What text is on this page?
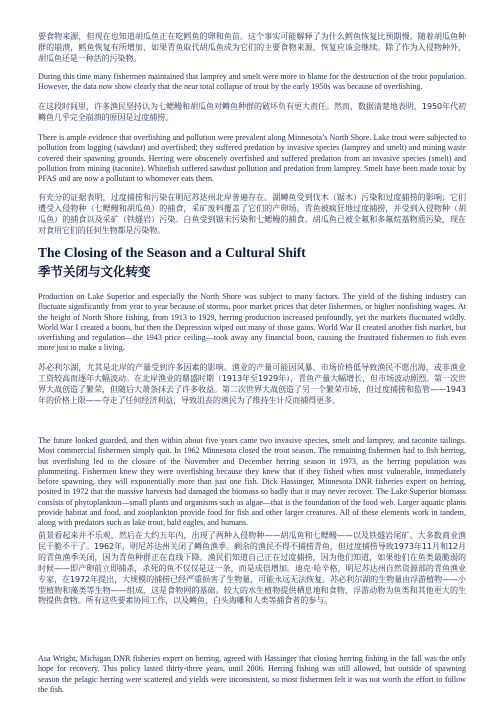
要食物来源，但现在也知道胡瓜鱼正在吃鳕鱼的卵和鱼苗。这个事实可能解释了为什么鳕鱼恢复比预期慢。随着胡瓜鱼种群的崩溃，鳕鱼恢复有所增加，如果青鱼取代胡瓜鱼成为它们的主要食物来源，恢复应该会继续。除了作为入侵物种外，胡瓜鱼还是一种活的污染物。

During this time many fishermen maintained that lamprey and smelt were more to blame for the destruction of the trout population. However, the data now show clearly that the near total collapse of trout by the early 1950s was because of overfishing.

在这段时间里，许多渔民坚持认为七鳃鳗和胡瓜鱼对鳟鱼种群的破坏负有更大责任。然而，数据清楚地表明，1950年代初鳟鱼几乎完全崩溃的原因是过度捕捞。

There is ample evidence that overfishing and pollution were prevalent along Minnesota’s North Shore. Lake trout were subjected to pollution from logging (sawdust) and overfished; they suffered predation by invasive species (lamprey and smelt) and mining waste covered their spawning grounds. Herring were obscenely overfished and suffered predation from an invasive species (smelt) and pollution from mining (taconite). Whitefish suffered sawdust pollution and predation from lamprey. Smelt have been made toxic by PFAS and are now a pollutant to whomever eats them.

有充分的证据表明，过度捕捞和污染在明尼苏达州北岸普遍存在。湖鳟鱼受到伐木（锯木）污染和过度捕捞的影响；它们遭受入侵物种（七鳃鳗和胡瓜鱼）的捕食，采矿废料覆盖了它们的产卵场。青鱼被疯狂地过度捕捞，并受到入侵物种（胡瓜鱼）的捕食以及采矿（铁燧岩）污染。白鱼受到锯末污染和七鳃鳗的捕食。胡瓜鱼已被全氟和多氟烷基物质污染，现在对食用它们的任何生物都是污染物。

The Closing of the Season and a Cultural Shift
季节关闭与文化转变

Production on Lake Superior and especially the North Shore was subject to many factors. The yield of the fishing industry can fluctuate significantly from year to year because of storms, poor market prices that deter fishermen, or higher nonfishing wages. At the height of North Shore fishing, from 1913 to 1929, herring production increased profoundly, yet the markets fluctuated wildly. World War I created a boom, but then the Depression wiped out many of those gains. World War II created another fish market, but overfishing and regulation—the 1943 price ceiling—took away any financial boon, causing the frustrated fishermen to fish even more just to make a living.

苏必利尔湖，尤其是北岸的产量受到许多因素的影响。渔业的产量可能因风暴、市场价格低导致渔民不愿出海，或非渔业工资较高而逐年大幅波动。在北岸渔业的鼎盛时期（1913年至1929年），青鱼产量大幅增长，但市场波动剧烈。第一次世界大战创造了繁荣，但随后大萧条抹去了许多收益。第二次世界大战创造了另一个繁荣市场，但过度捕捞和监管——1943年的价格上限——夺走了任何经济利益，导致沮丧的渔民为了维持生计反而捕得更多。

The future looked guarded, and then within about five years came two invasive species, smelt and lamprey, and taconite tailings. Most commercial fishermen simply quit. In 1962 Minnesota closed the trout season. The remaining fishermen had to fish herring, but overfishing led to the closure of the November and December herring season in 1973, as the herring population was plummeting. Fishermen knew they were overfishing because they knew that if they fished when most vulnerable, immediately before spawning, they will exponentially more than just one fish. Dick Hassinger, Minnesota DNR fisheries expert on herring, posited in 1972 that the massive harvests had damaged the biomass so badly that it may never recover. The Lake Superior biomass consists of phytoplankton—small plants and organisms such as algae—that is the foundation of the food web. Larger aquatic plants provide habitat and food, and zooplankton provide food for fish and other larger creatures. All of these elements work in tandem, along with predators such as lake trout, bald eagles, and humans.

前景看起来并不乐观，然后在大约五年内，出现了两种入侵物种——胡瓜鱼和七鳃鳗——以及铁燧岩尾矿。大多数商业渔民干脆不干了。1962年，明尼苏达州关闭了鳟鱼渔季。剩余的渔民不得不捕捞青鱼，但过度捕捞导致1973年11月和12月的青鱼渔季关闭，因为青鱼种群正在直线下降。渔民们知道自己正在过度捕捞，因为他们知道，如果他们在鱼类最脆弱的时候——即产卵前立即捕杀，杀死的鱼不仅仅是这一条，而是成倍增加。迪克·哈辛格，明尼苏达州自然资源部的青鱼渔业专家，在1972年提出，大规模的捕捞已经严重损害了生物量，可能永远无法恢复。苏必利尔湖的生物量由浮游植物——小型植物和藻类等生物——组成，这是食物网的基础。较大的水生植物提供栖息地和食物，浮游动物为鱼类和其他更大的生物提供食物。所有这些要素协同工作，以及鳟鱼、白头海雕和人类等捕食者的参与。

Asa Wright, Michigan DNR fisheries expert on herring, agreed with Hassinger that closing herring fishing in the fall was the only hope for recovery. This policy lasted thirty-three years, until 2006. Herring fishing was still allowed, but outside of spawning season the pelagic herring were scattered and yields were inconsistent, so most fishermen felt it was not worth the effort to follow the fish.
